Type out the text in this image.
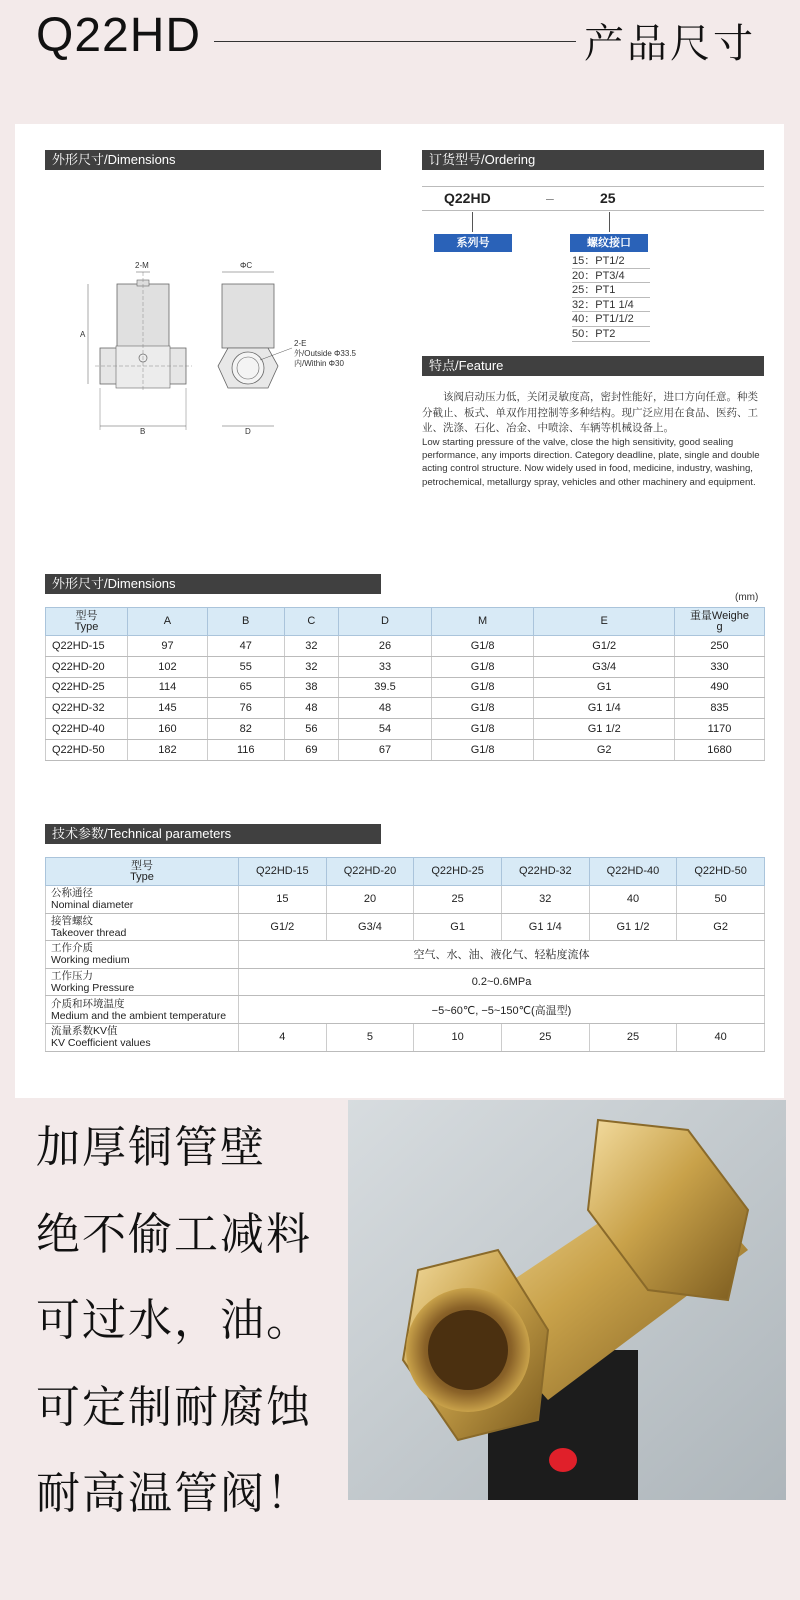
Q22HD	产品尺寸
外形尺寸/Dimensions
A
B
2-M	ΦC
D
2-E
外/Outside Φ33.5
内/Within Φ30
订货型号/Ordering
Q22HD	–	25
系列号	螺纹接口
15：PT1/2
20：PT3/4
25：PT1
32：PT1 1/4
40：PT1/1/2
50：PT2
特点/Feature
该阀启动压力低，关闭灵敏度高，密封性能好，进口方向任意。种类分截止、板式、单双作用控制等多种结构。现广泛应用在食品、医药、工业、洗涤、石化、冶金、中喷涂、车辆等机械设备上。
Low starting pressure of the valve, close the high sensitivity, good sealing performance, any imports direction. Category deadline, plate, single and double acting control structure. Now widely used in food, medicine, industry, washing, petrochemical, metallurgy spray, vehicles and other machinery and equipment.
外形尺寸/Dimensions
(mm)
型号
Type	A	B	C	D	M	E	重量Weighe
g
Q22HD-15	97	47	32	26	G1/8	G1/2	250
Q22HD-20	102	55	32	33	G1/8	G3/4	330
Q22HD-25	114	65	38	39.5	G1/8	G1	490
Q22HD-32	145	76	48	48	G1/8	G1 1/4	835
Q22HD-40	160	82	56	54	G1/8	G1 1/2	1170
Q22HD-50	182	116	69	67	G1/8	G2	1680
技术参数/Technical parameters
型号
Type	Q22HD-15	Q22HD-20	Q22HD-25	Q22HD-32	Q22HD-40	Q22HD-50
公称通径
Nominal diameter	15	20	25	32	40	50
接管螺纹
Takeover thread	G1/2	G3/4	G1	G1 1/4	G1 1/2	G2
工作介质
Working medium	空气、水、油、液化气、轻粘度流体					
工作压力
Working Pressure	0.2~0.6MPa					
介质和环境温度
Medium and the ambient temperature	−5~60℃, −5~150℃(高温型)					
流量系数KV值
KV Coefficient values	4	5	10	25	25	40
加厚铜管壁
绝不偷工减料
可过水，油。
可定制耐腐蚀
耐高温管阀！
